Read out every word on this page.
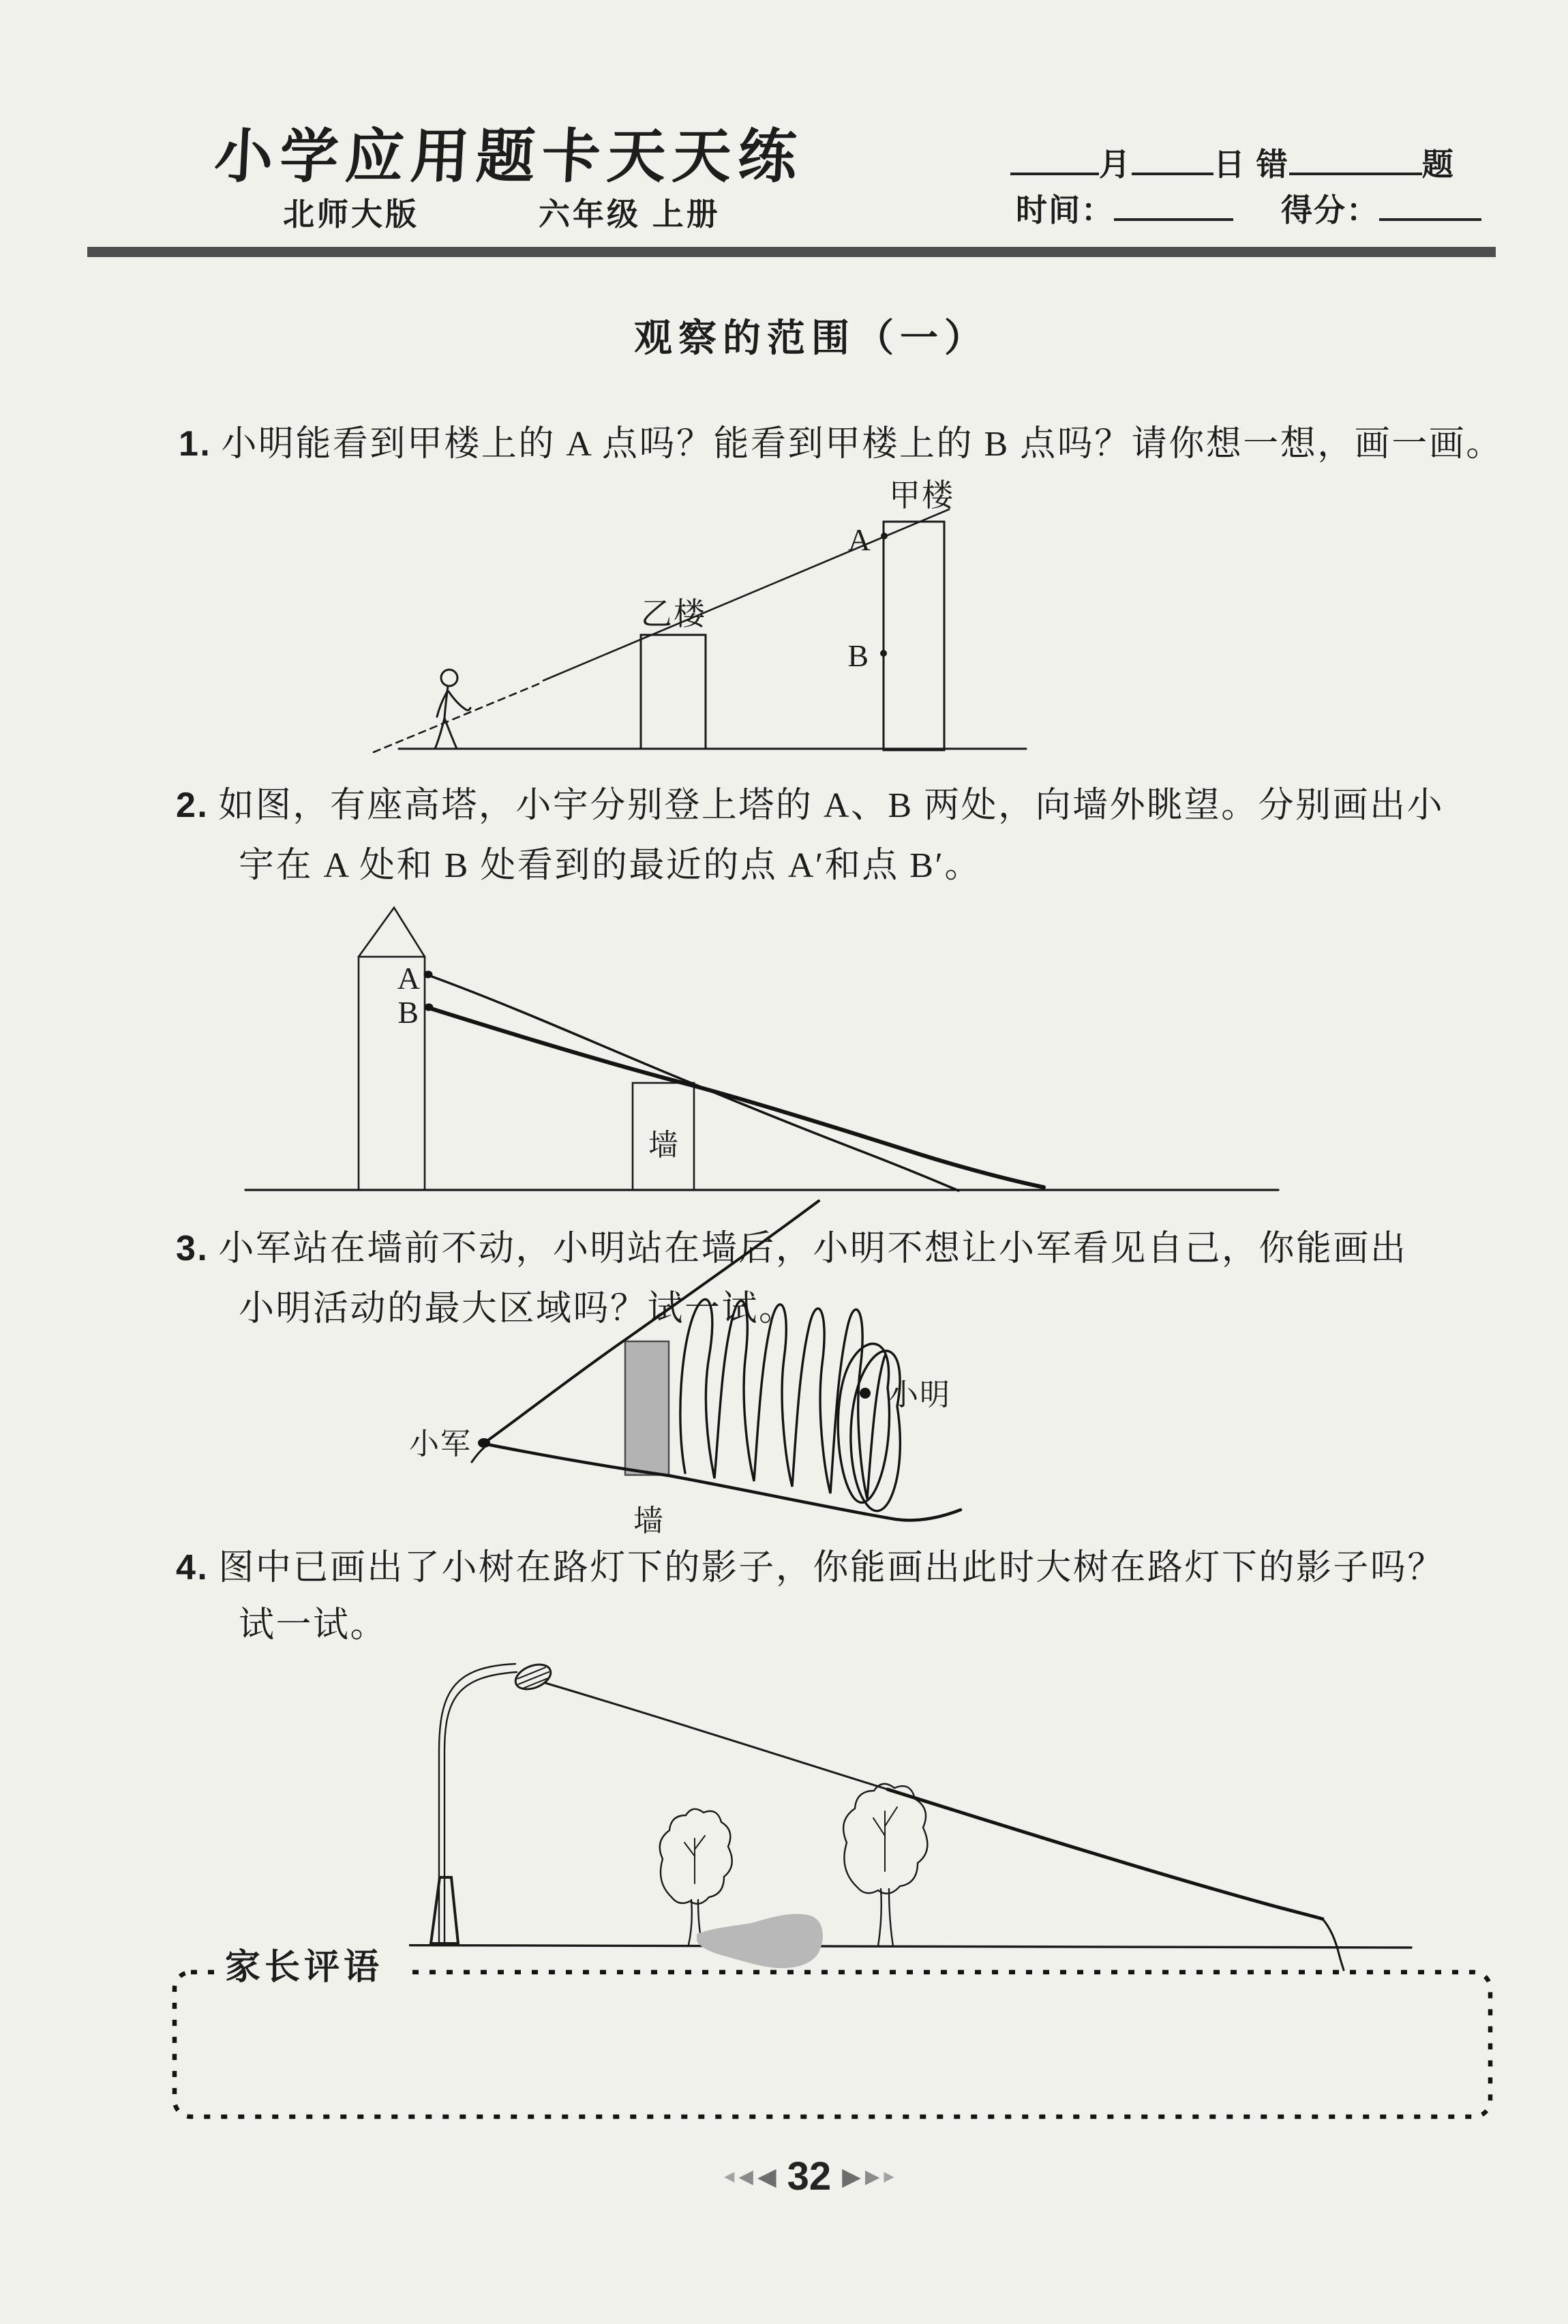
小学应用题卡天天练
北师大版	六年级 上册
月	日 错	题
时间：	得分：
观察的范围（一）
1. 小明能看到甲楼上的 A 点吗？能看到甲楼上的 B 点吗？请你想一想，画一画。
2. 如图，有座高塔，小宇分别登上塔的 A、B 两处，向墙外眺望。分别画出小
宇在 A 处和 B 处看到的最近的点 A′和点 B′。
3. 小军站在墙前不动，小明站在墙后，小明不想让小军看见自己，你能画出
小明活动的最大区域吗？试一试。
4. 图中已画出了小树在路灯下的影子，你能画出此时大树在路灯下的影子吗？
试一试。
乙楼
甲楼
A
B
A
B
墙
小军
墙
小明
家长评语
◀ ◀ ◀ 32 ▶ ▶ ▶
